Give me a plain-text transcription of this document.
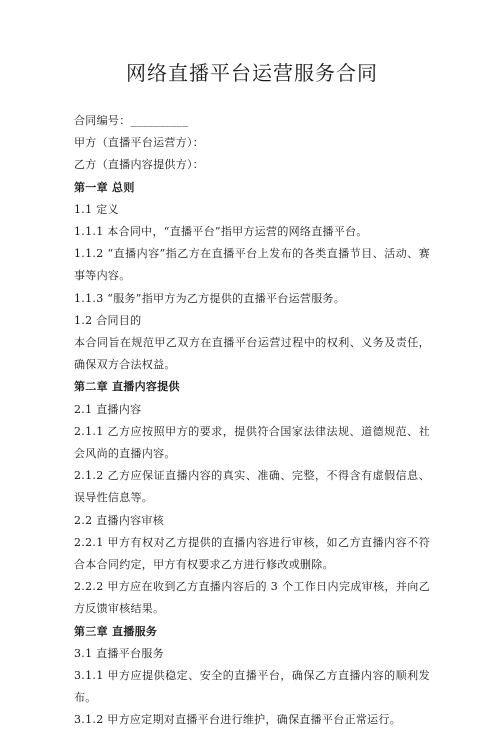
网络直播平台运营服务合同

合同编号：__________

甲方（直播平台运营方）：

乙方（直播内容提供方）：

第一章 总则

1.1 定义

1.1.1 本合同中，“直播平台”指甲方运营的网络直播平台。

1.1.2 “直播内容”指乙方在直播平台上发布的各类直播节目、活动、赛事等内容。

1.1.3 “服务”指甲方为乙方提供的直播平台运营服务。

1.2 合同目的

本合同旨在规范甲乙双方在直播平台运营过程中的权利、义务及责任，确保双方合法权益。

第二章 直播内容提供

2.1 直播内容

2.1.1 乙方应按照甲方的要求，提供符合国家法律法规、道德规范、社会风尚的直播内容。

2.1.2 乙方应保证直播内容的真实、准确、完整，不得含有虚假信息、误导性信息等。

2.2 直播内容审核

2.2.1 甲方有权对乙方提供的直播内容进行审核，如乙方直播内容不符合本合同约定，甲方有权要求乙方进行修改或删除。

2.2.2 甲方应在收到乙方直播内容后的 3 个工作日内完成审核，并向乙方反馈审核结果。

第三章 直播服务

3.1 直播平台服务

3.1.1 甲方应提供稳定、安全的直播平台，确保乙方直播内容的顺利发布。

3.1.2 甲方应定期对直播平台进行维护，确保直播平台正常运行。
